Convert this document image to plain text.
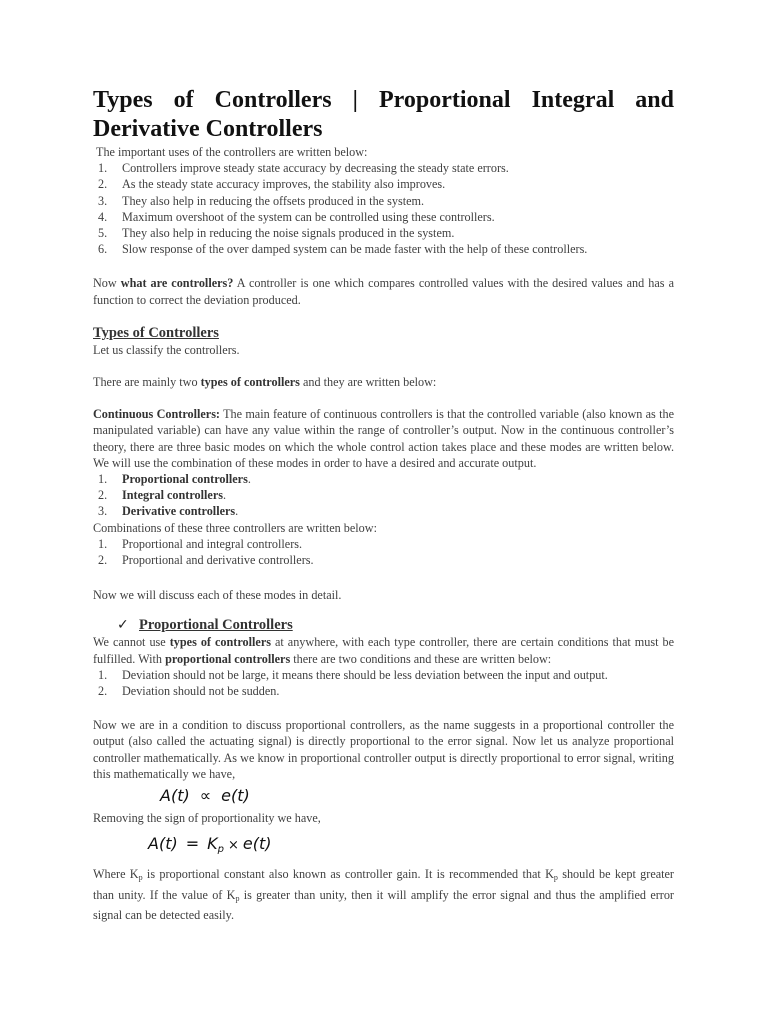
Types of Controllers | Proportional Integral and Derivative Controllers

The important uses of the controllers are written below:

1. Controllers improve steady state accuracy by decreasing the steady state errors.
2. As the steady state accuracy improves, the stability also improves.
3. They also help in reducing the offsets produced in the system.
4. Maximum overshoot of the system can be controlled using these controllers.
5. They also help in reducing the noise signals produced in the system.
6. Slow response of the over damped system can be made faster with the help of these controllers.

Now what are controllers? A controller is one which compares controlled values with the desired values and has a function to correct the deviation produced.

Types of Controllers

Let us classify the controllers.

There are mainly two types of controllers and they are written below:

Continuous Controllers: The main feature of continuous controllers is that the controlled variable (also known as the manipulated variable) can have any value within the range of controller’s output. Now in the continuous controller’s theory, there are three basic modes on which the whole control action takes place and these modes are written below. We will use the combination of these modes in order to have a desired and accurate output.

1. Proportional controllers.
2. Integral controllers.
3. Derivative controllers.

Combinations of these three controllers are written below:

1. Proportional and integral controllers.
2. Proportional and derivative controllers.

Now we will discuss each of these modes in detail.

✓ Proportional Controllers

We cannot use types of controllers at anywhere, with each type controller, there are certain conditions that must be fulfilled. With proportional controllers there are two conditions and these are written below:

1. Deviation should not be large, it means there should be less deviation between the input and output.
2. Deviation should not be sudden.

Now we are in a condition to discuss proportional controllers, as the name suggests in a proportional controller the output (also called the actuating signal) is directly proportional to the error signal. Now let us analyze proportional controller mathematically. As we know in proportional controller output is directly proportional to error signal, writing this mathematically we have,

A(t) ∝ e(t)

Removing the sign of proportionality we have,

$A(t) = K_p \times e(t)$

Where Kp is proportional constant also known as controller gain. It is recommended that Kp should be kept greater than unity. If the value of Kp is greater than unity, then it will amplify the error signal and thus the amplified error signal can be detected easily.
